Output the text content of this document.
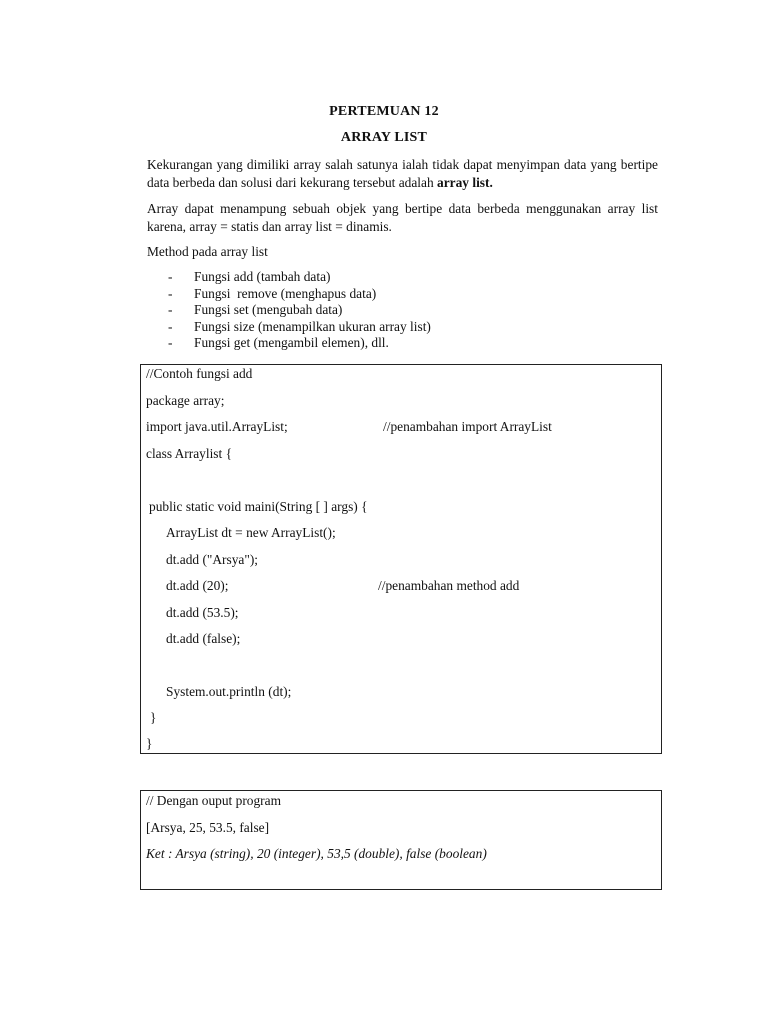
PERTEMUAN 12
ARRAY LIST
Kekurangan yang dimiliki array salah satunya ialah tidak dapat menyimpan data yang bertipe data berbeda dan solusi dari kekurang tersebut adalah array list.
Array dapat menampung sebuah objek yang bertipe data berbeda menggunakan array list karena, array = statis dan array list = dinamis.
Method pada array list
- Fungsi add (tambah data)
- Fungsi  remove (menghapus data)
- Fungsi set (mengubah data)
- Fungsi size (menampilkan ukuran array list)
- Fungsi get (mengambil elemen), dll.
//Contoh fungsi add
package array;
import java.util.ArrayList;	//penambahan import ArrayList
class Arraylist {
public static void maini(String [ ] args) {
ArrayList dt = new ArrayList();
dt.add ("Arsya");
dt.add (20);	//penambahan method add
dt.add (53.5);
dt.add (false);
System.out.println (dt);
}
}
// Dengan ouput program
[Arsya, 25, 53.5, false]
Ket : Arsya (string), 20 (integer), 53,5 (double), false (boolean)
